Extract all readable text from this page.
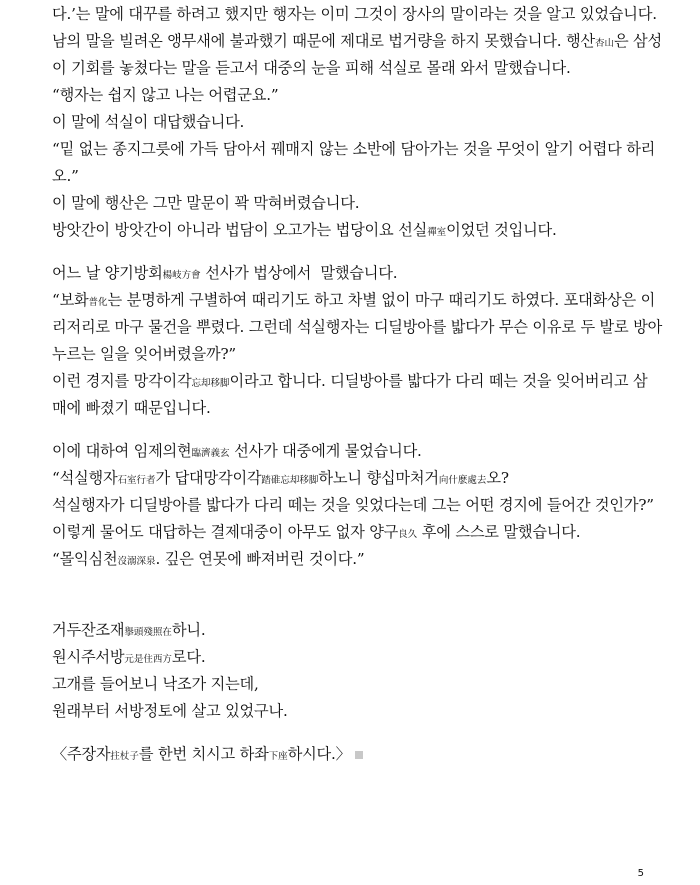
다.’는 말에 대꾸를 하려고 했지만 행자는 이미 그것이 장사의 말이라는 것을 알고 있었습니다.
남의 말을 빌려온 앵무새에 불과했기 때문에 제대로 법거량을 하지 못했습니다. 행산杏山은 삼성
이 기회를 놓쳤다는 말을 듣고서 대중의 눈을 피해 석실로 몰래 와서 말했습니다.
“행자는 쉽지 않고 나는 어렵군요.”
이 말에 석실이 대답했습니다.
“밑 없는 종지그릇에 가득 담아서 꿰매지 않는 소반에 담아가는 것을 무엇이 알기 어렵다 하리
오.”
이 말에 행산은 그만 말문이 꽉 막혀버렸습니다.
방앗간이 방앗간이 아니라 법담이 오고가는 법당이요 선실禪室이었던 것입니다.
어느 날 양기방회楊岐方會 선사가 법상에서  말했습니다.
“보화普化는 분명하게 구별하여 때리기도 하고 차별 없이 마구 때리기도 하였다. 포대화상은 이
리저리로 마구 물건을 뿌렸다. 그런데 석실행자는 디딜방아를 밟다가 무슨 이유로 두 발로 방아
누르는 일을 잊어버렸을까?”
이런 경지를 망각이각忘却移脚이라고 합니다. 디딜방아를 밟다가 다리 떼는 것을 잊어버리고 삼
매에 빠졌기 때문입니다.
이에 대하여 임제의현臨濟義玄 선사가 대중에게 물었습니다.
“석실행자石室行者가 답대망각이각踏碓忘却移脚하노니 향십마처거向什麽處去오?
석실행자가 디딜방아를 밟다가 다리 떼는 것을 잊었다는데 그는 어떤 경지에 들어간 것인가?”
이렇게 물어도 대답하는 결제대중이 아무도 없자 양구良久 후에 스스로 말했습니다.
“몰익심천沒溺深泉. 깊은 연못에 빠져버린 것이다.”
거두잔조재擧頭殘照在하니.
원시주서방元是住西方로다.
고개를 들어보니 낙조가 지는데,
원래부터 서방정토에 살고 있었구나.
〈주장자拄杖子를 한번 치시고 하좌下座하시다.〉
5
